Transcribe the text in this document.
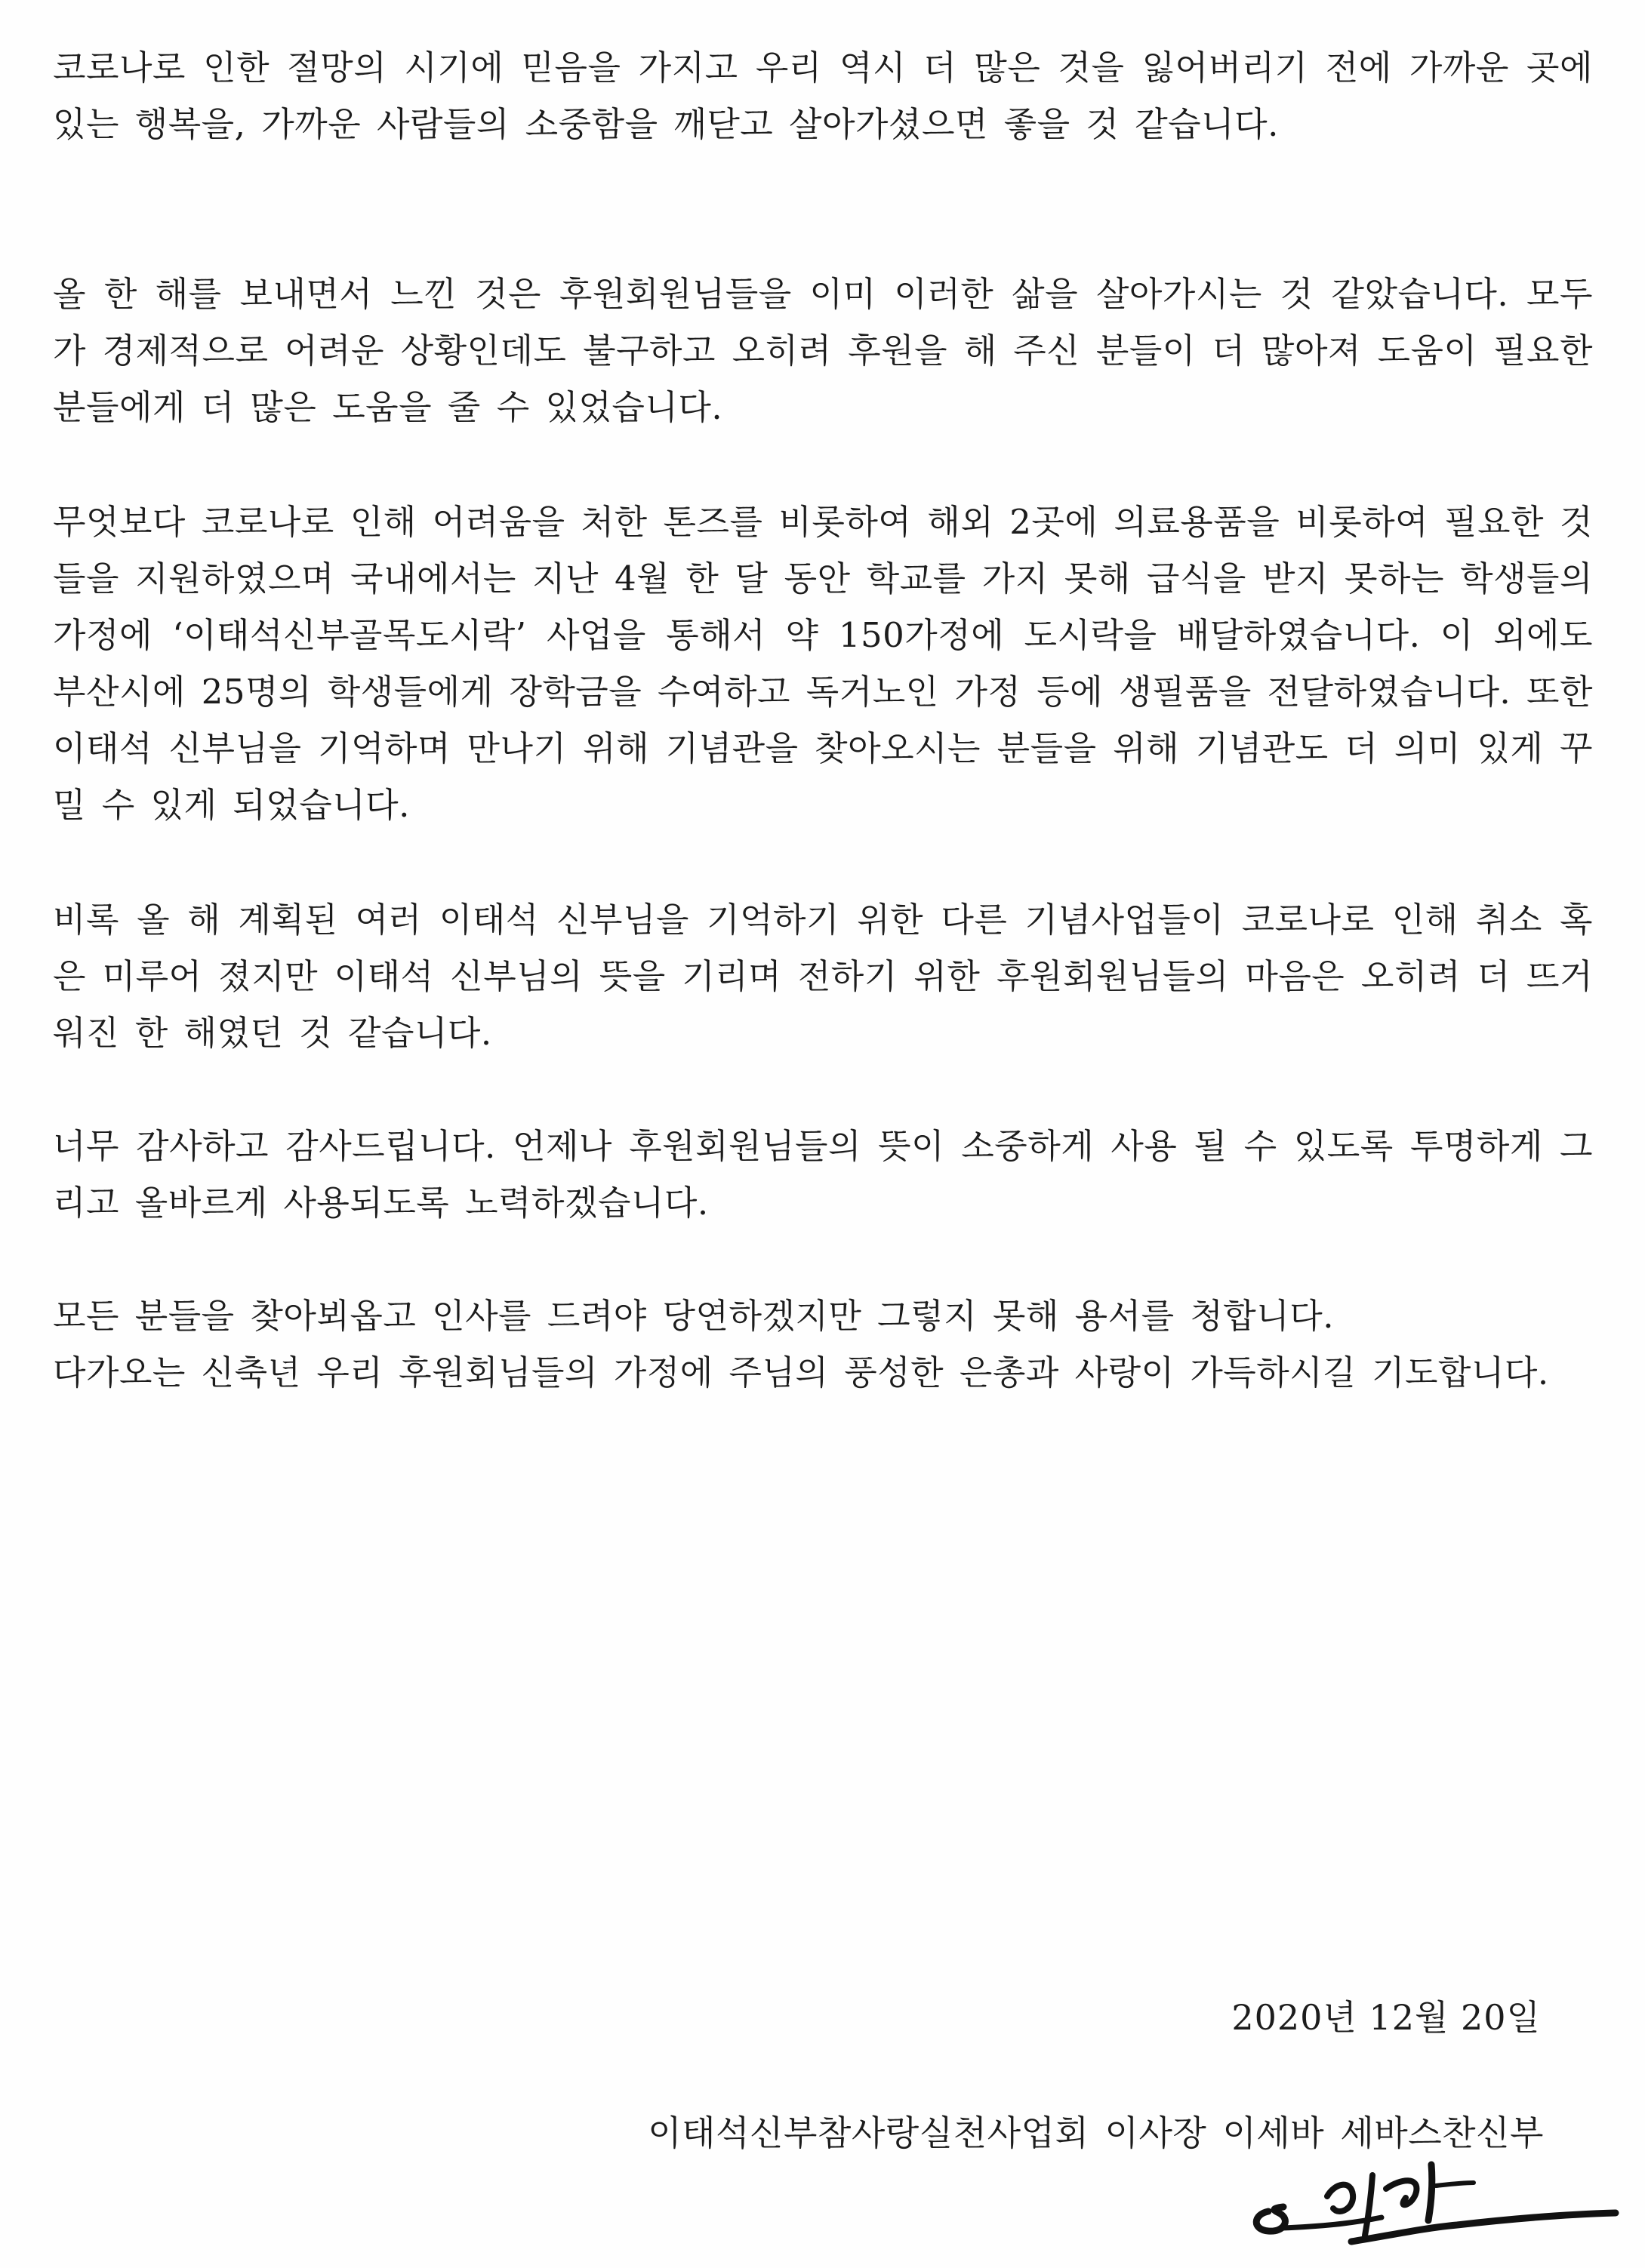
코로나로 인한 절망의 시기에 믿음을 가지고 우리 역시 더 많은 것을 잃어버리기 전에 가까운 곳에 있는 행복을, 가까운 사람들의 소중함을 깨닫고 살아가셨으면 좋을 것 같습니다.

올 한 해를 보내면서 느낀 것은 후원회원님들을 이미 이러한 삶을 살아가시는 것 같았습니다. 모두가 경제적으로 어려운 상황인데도 불구하고 오히려 후원을 해 주신 분들이 더 많아져 도움이 필요한 분들에게 더 많은 도움을 줄 수 있었습니다.

무엇보다 코로나로 인해 어려움을 처한 톤즈를 비롯하여 해외 2곳에 의료용품을 비롯하여 필요한 것들을 지원하였으며 국내에서는 지난 4월 한 달 동안 학교를 가지 못해 급식을 받지 못하는 학생들의 가정에 ‘이태석신부골목도시락’ 사업을 통해서 약 150가정에 도시락을 배달하였습니다. 이 외에도 부산시에 25명의 학생들에게 장학금을 수여하고 독거노인 가정 등에 생필품을 전달하였습니다. 또한 이태석 신부님을 기억하며 만나기 위해 기념관을 찾아오시는 분들을 위해 기념관도 더 의미 있게 꾸밀 수 있게 되었습니다.

비록 올 해 계획된 여러 이태석 신부님을 기억하기 위한 다른 기념사업들이 코로나로 인해 취소 혹은 미루어 졌지만 이태석 신부님의 뜻을 기리며 전하기 위한 후원회원님들의 마음은 오히려 더 뜨거워진 한 해였던 것 같습니다.

너무 감사하고 감사드립니다. 언제나 후원회원님들의 뜻이 소중하게 사용 될 수 있도록 투명하게 그리고 올바르게 사용되도록 노력하겠습니다.

모든 분들을 찾아뵈옵고 인사를 드려야 당연하겠지만 그렇지 못해 용서를 청합니다.
다가오는 신축년 우리 후원회님들의 가정에 주님의 풍성한 은총과 사랑이 가득하시길 기도합니다.

2020년 12월 20일

이태석신부참사랑실천사업회 이사장 이세바 세바스찬신부
